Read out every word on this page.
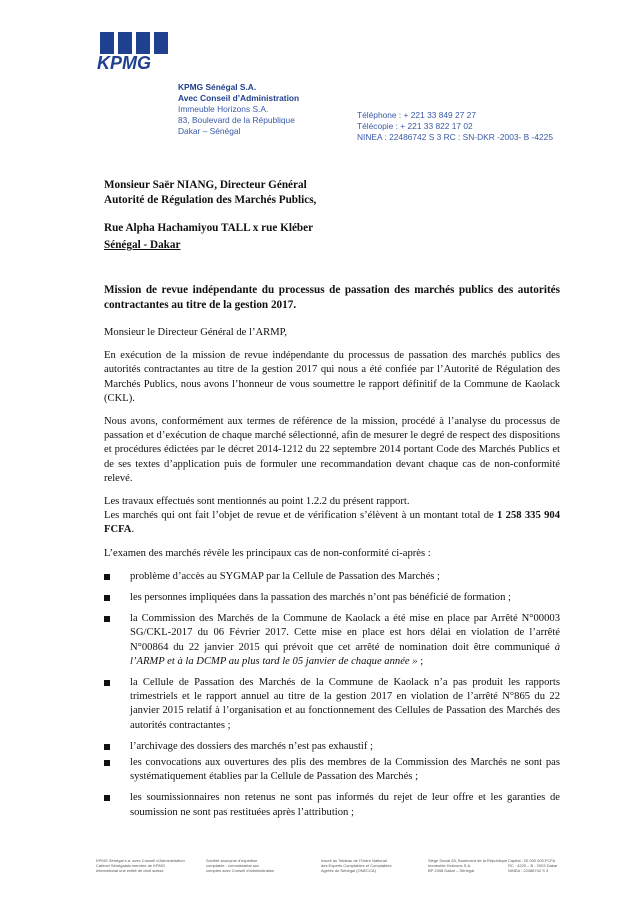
KPMG
KPMG Sénégal S.A.
Avec Conseil d’Administration
Immeuble Horizons S.A.
83, Boulevard de la République
Dakar – Sénégal
Téléphone : + 221 33 849 27 27
Télécopie : + 221 33 822 17 02
NINEA : 22486742 S 3 RC : SN-DKR -2003- B -4225
Monsieur Saër NIANG, Directeur Général
Autorité de Régulation des Marchés Publics,
Rue Alpha Hachamiyou TALL x rue Kléber
Sénégal - Dakar
Mission de revue indépendante du processus de passation des marchés publics des autorités contractantes au titre de la gestion 2017.

Monsieur le Directeur Général de l’ARMP,

En exécution de la mission de revue indépendante du processus de passation des marchés publics des autorités contractantes au titre de la gestion 2017 qui nous a été confiée par l’Autorité de Régulation des Marchés Publics, nous avons l’honneur de vous soumettre le rapport définitif de la Commune de Kaolack (CKL).

Nous avons, conformément aux termes de référence de la mission, procédé à l’analyse du processus de passation et d’exécution de chaque marché sélectionné, afin de mesurer le degré de respect des dispositions et procédures édictées par le décret 2014-1212 du 22 septembre 2014 portant Code des Marchés Publics et de ses textes d’application puis de formuler une recommandation devant chaque cas de non-conformité relevé.

Les travaux effectués sont mentionnés au point 1.2.2 du présent rapport.

Les marchés qui ont fait l’objet de revue et de vérification s’élèvent à un montant total de 1 258 335 904 FCFA.

L’examen des marchés révèle les principaux cas de non-conformité ci-après :

problème d’accès au SYGMAP par la Cellule de Passation des Marchés ;
les personnes impliquées dans la passation des marchés n’ont pas bénéficié de formation ;
la Commission des Marchés de la Commune de Kaolack a été mise en place par Arrêté N°00003 SG/CKL-2017 du 06 Février 2017. Cette mise en place est hors délai en violation de l’arrêté N°00864 du 22 janvier 2015 qui prévoit que cet arrêté de nomination doit être communiqué à l’ARMP et à la DCMP au plus tard le 05 janvier de chaque année » ;
la Cellule de Passation des Marchés de la Commune de Kaolack n’a pas produit les rapports trimestriels et le rapport annuel au titre de la gestion 2017 en violation de l’arrêté N°865 du 22 janvier 2015 relatif à l’organisation et au fonctionnement des Cellules de Passation des Marchés des autorités contractantes ;
l’archivage des dossiers des marchés n’est pas exhaustif ;
les convocations aux ouvertures des plis des membres de la Commission des Marchés ne sont pas systématiquement établies par la Cellule de Passation des Marchés ;
les soumissionnaires non retenus ne sont pas informés du rejet de leur offre et les garanties de soumission ne sont pas restituées après l’attribution ;
KPMG Sénégal s.a. avec Conseil d’Administration
Cabinet Sénégalais membre de KPMG
International une entité de droit suisse
Société anonyme d’expertise
comptable - commissariat aux
comptes avec Conseil d’administration
Inscrit au Tableau de l’Ordre National
des Experts Comptables et Comptables
Agréés du Sénégal (ONECCA)
Siège Social 83, Boulevard de la République
Immeuble Horizons S.A.
BP 2398 Dakar – Sénégal
Capital : 20 000 000 FCFA
RC : 4225 – B - 2003 Dakar
NINEA : 22486742 S 3
